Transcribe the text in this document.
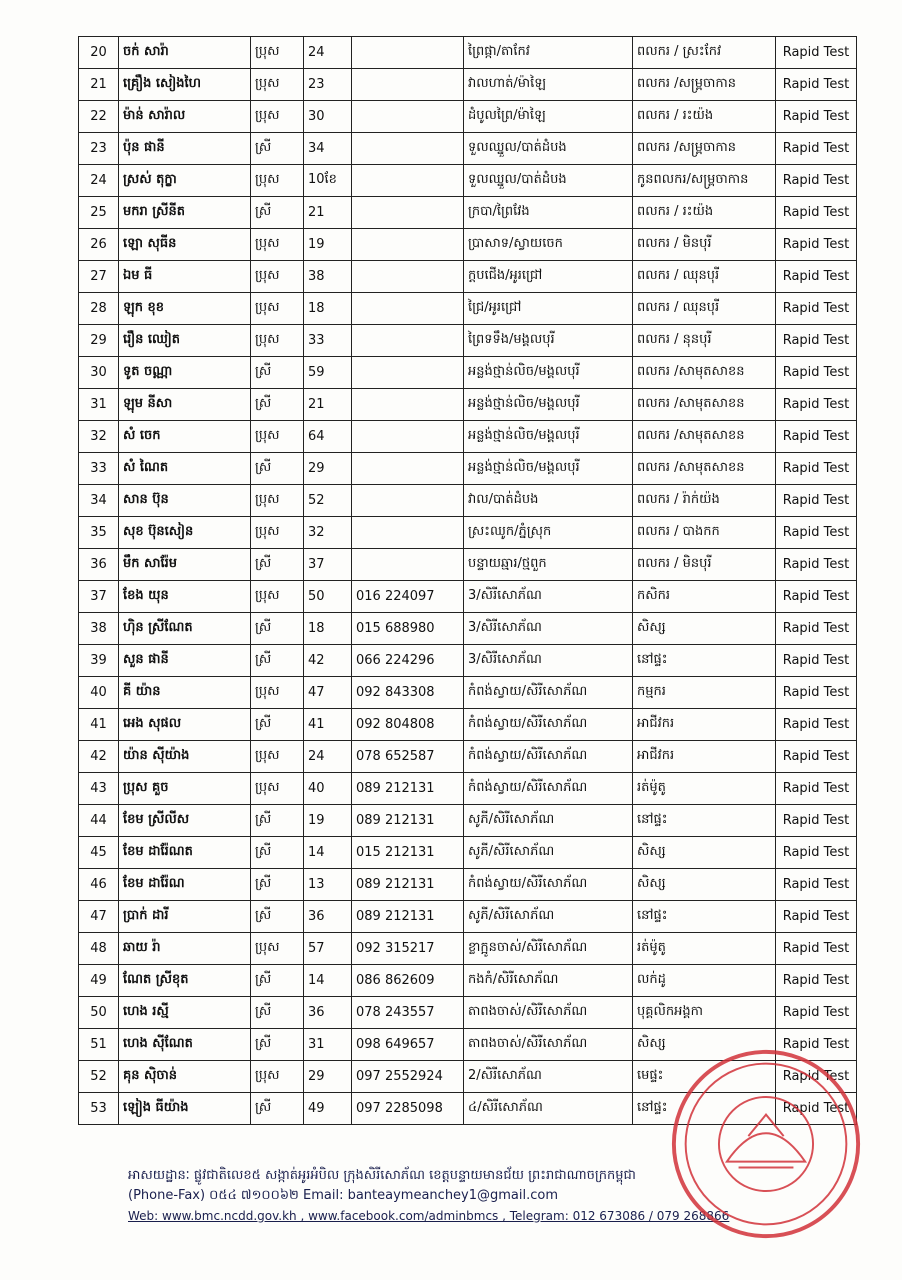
20	ចក់ សារ៉ា	ប្រុស	24		ព្រៃផ្កា/តាកែវ	ពលករ / ស្រះកែវ	Rapid Test
21	គ្រឿង សៀងហៃ	ប្រុស	23		វាលហាត់/ម៉ាឡៃ	ពលករ /សម្ព្រចាកាន	Rapid Test
22	ម៉ាន់ សារ៉ាល	ប្រុស	30		ដំបូលព្រៃ/ម៉ាឡៃ	ពលករ / រះយ៉ង	Rapid Test
23	ប៉ុន ផានី	ស្រី	34		ទួលឈ្នួល/បាត់ដំបង	ពលករ /សម្ព្រចាកាន	Rapid Test
24	ស្រស់ តុក្ខា	ប្រុស	10ខែ		ទួលឈ្នួល/បាត់ដំបង	កូនពលករ/សម្ព្រចាកាន	Rapid Test
25	មករា ស្រីនីត	ស្រី	21		ក្របា/ព្រៃវែង	ពលករ / រះយ៉ង	Rapid Test
26	ឡោ សុធីន	ប្រុស	19		ប្រាសាទ/ស្វាយចេក	ពលករ / មិនបុរី	Rapid Test
27	ឯម ធី	ប្រុស	38		ក្តបជើង/អូរជ្រៅ	ពលករ / ឈុនបុរី	Rapid Test
28	ឡុក ខុខ	ប្រុស	18		ជ្រៃ/អូរជ្រៅ	ពលករ / ឈុនបុរី	Rapid Test
29	រឿន ឈៀត	ប្រុស	33		ព្រៃទទឹង/មង្គលបុរី	ពលករ / នុនបុរី	Rapid Test
30	ទូត ចណ្ណា	ស្រី	59		អន្លង់ថ្មាន់លិច/មង្គលបុរី	ពលករ /សាមុតសាខន	Rapid Test
31	ឡុម នីសា	ស្រី	21		អន្លង់ថ្មាន់លិច/មង្គលបុរី	ពលករ /សាមុតសាខន	Rapid Test
32	សំ ចេក	ប្រុស	64		អន្លង់ថ្មាន់លិច/មង្គលបុរី	ពលករ /សាមុតសាខន	Rapid Test
33	សំ ណៃត	ស្រី	29		អន្លង់ថ្មាន់លិច/មង្គលបុរី	ពលករ /សាមុតសាខន	Rapid Test
34	សាន ប៊ុន	ប្រុស	52		វាល/បាត់ដំបង	ពលករ / រ៉ាក់យ៉ង	Rapid Test
35	សុខ ប៊ុនសៀន	ប្រុស	32		ស្រះឈូក/ភ្នំស្រុក	ពលករ / បាងកក	Rapid Test
36	មឹក សារ៉ែម	ស្រី	37		បន្ទាយឆ្មារ/ថ្មពួក	ពលករ / មិនបុរី	Rapid Test
37	ខែង យុន	ប្រុស	50	016 224097	3/សិរីសោភ័ណ	កសិករ	Rapid Test
38	ហ៊ិន ស្រីណែត	ស្រី	18	015 688980	3/សិរីសោភ័ណ	សិស្ស	Rapid Test
39	សួន ផានី	ស្រី	42	066 224296	3/សិរីសោភ័ណ	នៅផ្ទះ	Rapid Test
40	គី យ៉ាន	ប្រុស	47	092 843308	កំពង់ស្វាយ/សិរីសោភ័ណ	កម្មករ	Rapid Test
41	អេង សុផល	ស្រី	41	092 804808	កំពង់ស្វាយ/សិរីសោភ័ណ	អាជីវករ	Rapid Test
42	យ៉ាន ស៊ីយ៉ាង	ប្រុស	24	078 652587	កំពង់ស្វាយ/សិរីសោភ័ណ	អាជីវករ	Rapid Test
43	ប្រុស គួច	ប្រុស	40	089 212131	កំពង់ស្វាយ/សិរីសោភ័ណ	រត់ម៉ូតូ	Rapid Test
44	ខែម ស្រីលីស	ស្រី	19	089 212131	សូភី/សិរីសោភ័ណ	នៅផ្ទះ	Rapid Test
45	ខែម ដារ៉ែណត	ស្រី	14	015 212131	សូភី/សិរីសោភ័ណ	សិស្ស	Rapid Test
46	ខែម ដារ៉ែណ	ស្រី	13	089 212131	កំពង់ស្វាយ/សិរីសោភ័ណ	សិស្ស	Rapid Test
47	ប្រាក់ ដារី	ស្រី	36	089 212131	សូភី/សិរីសោភ័ណ	នៅផ្ទះ	Rapid Test
48	ឆាយ រ៉ា	ប្រុស	57	092 315217	ខ្លាក្អូនចាស់/សិរីសោភ័ណ	រត់ម៉ូតូ	Rapid Test
49	ណែត ស្រីខុត	ស្រី	14	086 862609	កងកំ/សិរីសោភ័ណ	លក់ដូ	Rapid Test
50	ហេង រស្មី	ស្រី	36	078 243557	តាពងចាស់/សិរីសោភ័ណ	បុគ្គលិកអង្គកា	Rapid Test
51	ហេង ស៊ីណែត	ស្រី	31	098 649657	តាពងចាស់/សិរីសោភ័ណ	សិស្ស	Rapid Test
52	គុន ស៊ិចាន់	ប្រុស	29	097 2552924	2/សិរីសោភ័ណ	មេផ្ទះ	Rapid Test
53	ឡៀង ធីយ៉ាង	ស្រី	49	097 2285098	៤/សិរីសោភ័ណ	នៅផ្ទះ	Rapid Test
អាសយដ្ឋានៈ ផ្លូវជាតិលេខ៥ សង្កាត់អូរអំបិល ក្រុងសិរីសោភ័ណ ខេត្តបន្ទាយមានជ័យ ព្រះរាជាណាចក្រកម្ពុជា
(Phone-Fax) ០៥៤ ៧១០០៦២ Email: banteaymeanchey1@gmail.com
Web: www.bmc.ncdd.gov.kh , www.facebook.com/adminbmcs , Telegram: 012 673086 / 079 268866
